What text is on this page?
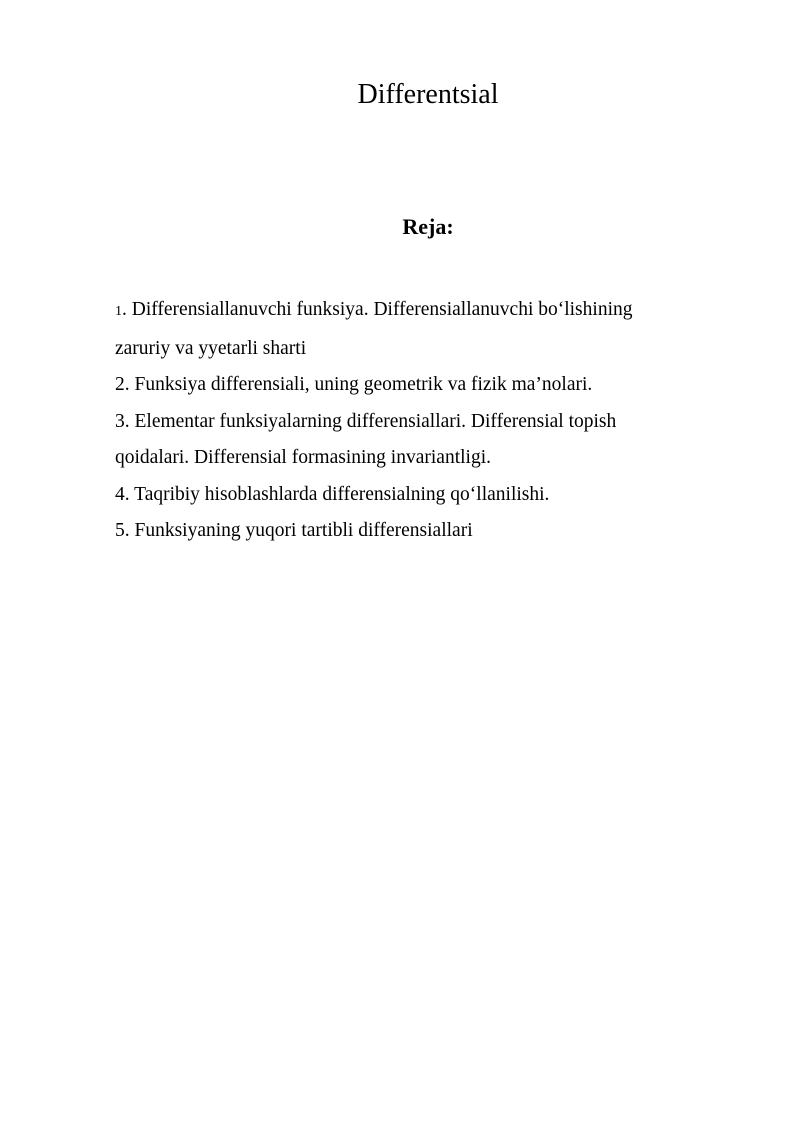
Differentsial
Reja:
1. Differensiallanuvchi funksiya. Differensiallanuvchi bo‘lishining
zaruriy va yyetarli sharti
2. Funksiya differensiali, uning geometrik va fizik ma’nolari.
3. Elementar funksiyalarning differensiallari. Differensial topish
qoidalari. Differensial formasining invariantligi.
4. Taqribiy hisoblashlarda differensialning qo‘llanilishi.
5. Funksiyaning yuqori tartibli differensiallari
